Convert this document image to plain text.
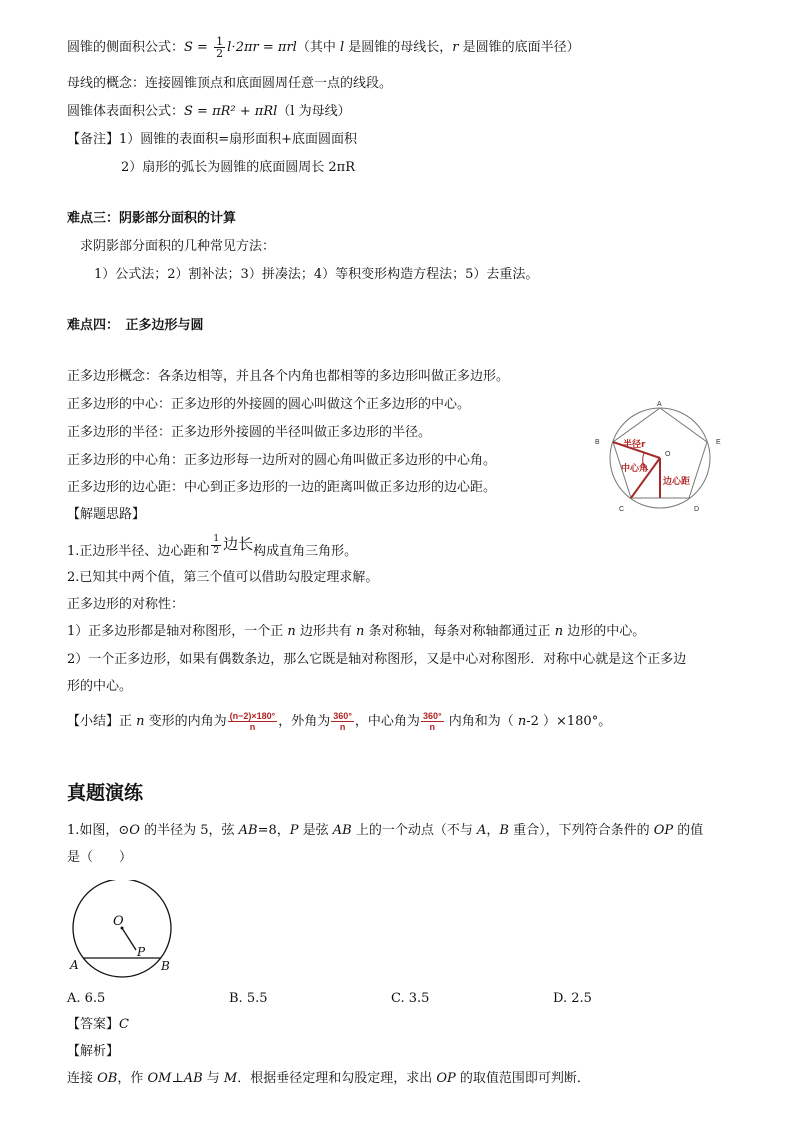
圆锥的侧面积公式：$S = \frac{1}{2} l\cdot 2\pi r = \pi rl$（其中 l 是圆锥的母线长，r 是圆锥的底面半径）
母线的概念：连接圆锥顶点和底面圆周任意一点的线段。
圆锥体表面积公式：S = πR² + πRl（l 为母线）
【备注】1）圆锥的表面积=扇形面积+底面圆面积
2）扇形的弧长为圆锥的底面圆周长 2πR
难点三：阴影部分面积的计算
求阴影部分面积的几种常见方法：
1）公式法；2）割补法；3）拼凑法；4）等积变形构造方程法；5）去重法。
难点四：　正多边形与圆
正多边形概念：各条边相等，并且各个内角也都相等的多边形叫做正多边形。
正多边形的中心：正多边形的外接圆的圆心叫做这个正多边形的中心。
正多边形的半径：正多边形外接圆的半径叫做正多边形的半径。
正多边形的中心角：正多边形每一边所对的圆心角叫做正多边形的中心角。
正多边形的边心距：中心到正多边形的一边的距离叫做正多边形的边心距。
A
B	E
C	D
O
半径r
中心角
边心距
【解题思路】
1.正边形半径、边心距和 $\frac{1}{2}$ 边长构成直角三角形。
2.已知其中两个值，第三个值可以借助勾股定理求解。
正多边形的对称性：
1）正多边形都是轴对称图形，一个正 n 边形共有 n 条对称轴，每条对称轴都通过正 n 边形的中心。
2）一个正多边形，如果有偶数条边，那么它既是轴对称图形，又是中心对称图形．对称中心就是这个正多边
形的中心。
【小结】正 n 变形的内角为 $\frac{(n-2)\times 180^\circ}{n}$ ，外角为 $\frac{360^\circ}{n}$ ，中心角为 $\frac{360^\circ}{n}$ 内角和为（ n-2 ）×180°。
真题演练
1.如图，⊙O 的半径为 5，弦 AB=8，P 是弦 AB 上的一个动点（不与 A，B 重合），下列符合条件的 OP 的值
是（　　）
O
P
A	B
A. 6.5	B. 5.5	C. 3.5	D. 2.5
【答案】C
【解析】
连接 OB，作 OM⊥AB 与 M．根据垂径定理和勾股定理，求出 OP 的取值范围即可判断．
